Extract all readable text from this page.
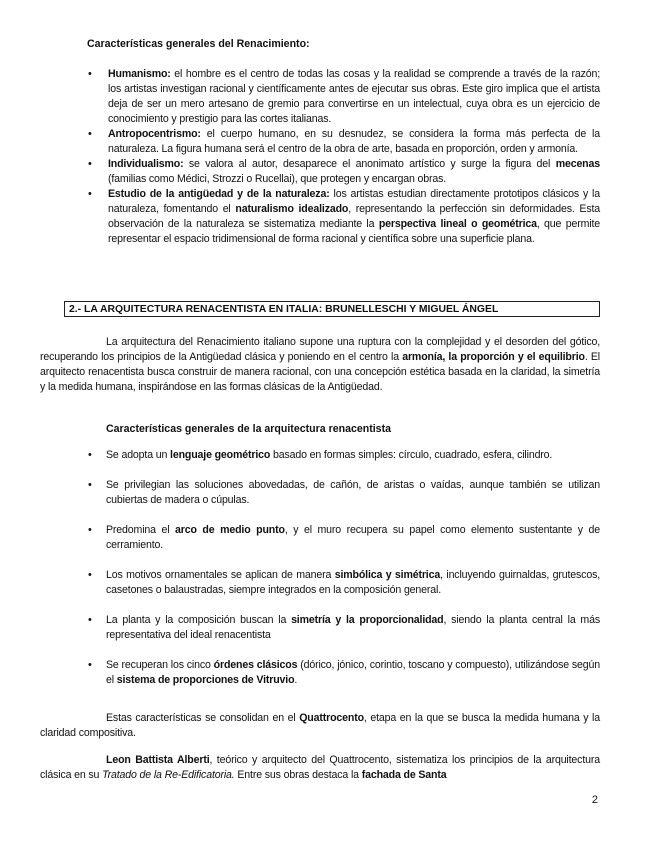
Características generales del Renacimiento:
• Humanismo: el hombre es el centro de todas las cosas y la realidad se comprende a través de la razón; los artistas investigan racional y científicamente antes de ejecutar sus obras. Este giro implica que el artista deja de ser un mero artesano de gremio para convertirse en un intelectual, cuya obra es un ejercicio de conocimiento y prestigio para las cortes italianas.
• Antropocentrismo: el cuerpo humano, en su desnudez, se considera la forma más perfecta de la naturaleza. La figura humana será el centro de la obra de arte, basada en proporción, orden y armonía.
• Individualismo: se valora al autor, desaparece el anonimato artístico y surge la figura del mecenas (familias como Médici, Strozzi o Rucellai), que protegen y encargan obras.
• Estudio de la antigüedad y de la naturaleza: los artistas estudian directamente prototipos clásicos y la naturaleza, fomentando el naturalismo idealizado, representando la perfección sin deformidades. Esta observación de la naturaleza se sistematiza mediante la perspectiva lineal o geométrica, que permite representar el espacio tridimensional de forma racional y científica sobre una superficie plana.
2.- LA ARQUITECTURA RENACENTISTA EN ITALIA: BRUNELLESCHI Y MIGUEL ÁNGEL

La arquitectura del Renacimiento italiano supone una ruptura con la complejidad y el desorden del gótico, recuperando los principios de la Antigüedad clásica y poniendo en el centro la armonía, la proporción y el equilibrio. El arquitecto renacentista busca construir de manera racional, con una concepción estética basada en la claridad, la simetría y la medida humana, inspirándose en las formas clásicas de la Antigüedad.

Características generales de la arquitectura renacentista
• Se adopta un lenguaje geométrico basado en formas simples: círculo, cuadrado, esfera, cilindro.
• Se privilegian las soluciones abovedadas, de cañón, de aristas o vaídas, aunque también se utilizan cubiertas de madera o cúpulas.
• Predomina el arco de medio punto, y el muro recupera su papel como elemento sustentante y de cerramiento.
• Los motivos ornamentales se aplican de manera simbólica y simétrica, incluyendo guirnaldas, grutescos, casetones o balaustradas, siempre integrados en la composición general.
• La planta y la composición buscan la simetría y la proporcionalidad, siendo la planta central la más representativa del ideal renacentista
• Se recuperan los cinco órdenes clásicos (dórico, jónico, corintio, toscano y compuesto), utilizándose según el sistema de proporciones de Vitruvio.

Estas características se consolidan en el Quattrocento, etapa en la que se busca la medida humana y la claridad compositiva.

Leon Battista Alberti, teórico y arquitecto del Quattrocento, sistematiza los principios de la arquitectura clásica en su Tratado de la Re-Edificatoria. Entre sus obras destaca la fachada de Santa

2
